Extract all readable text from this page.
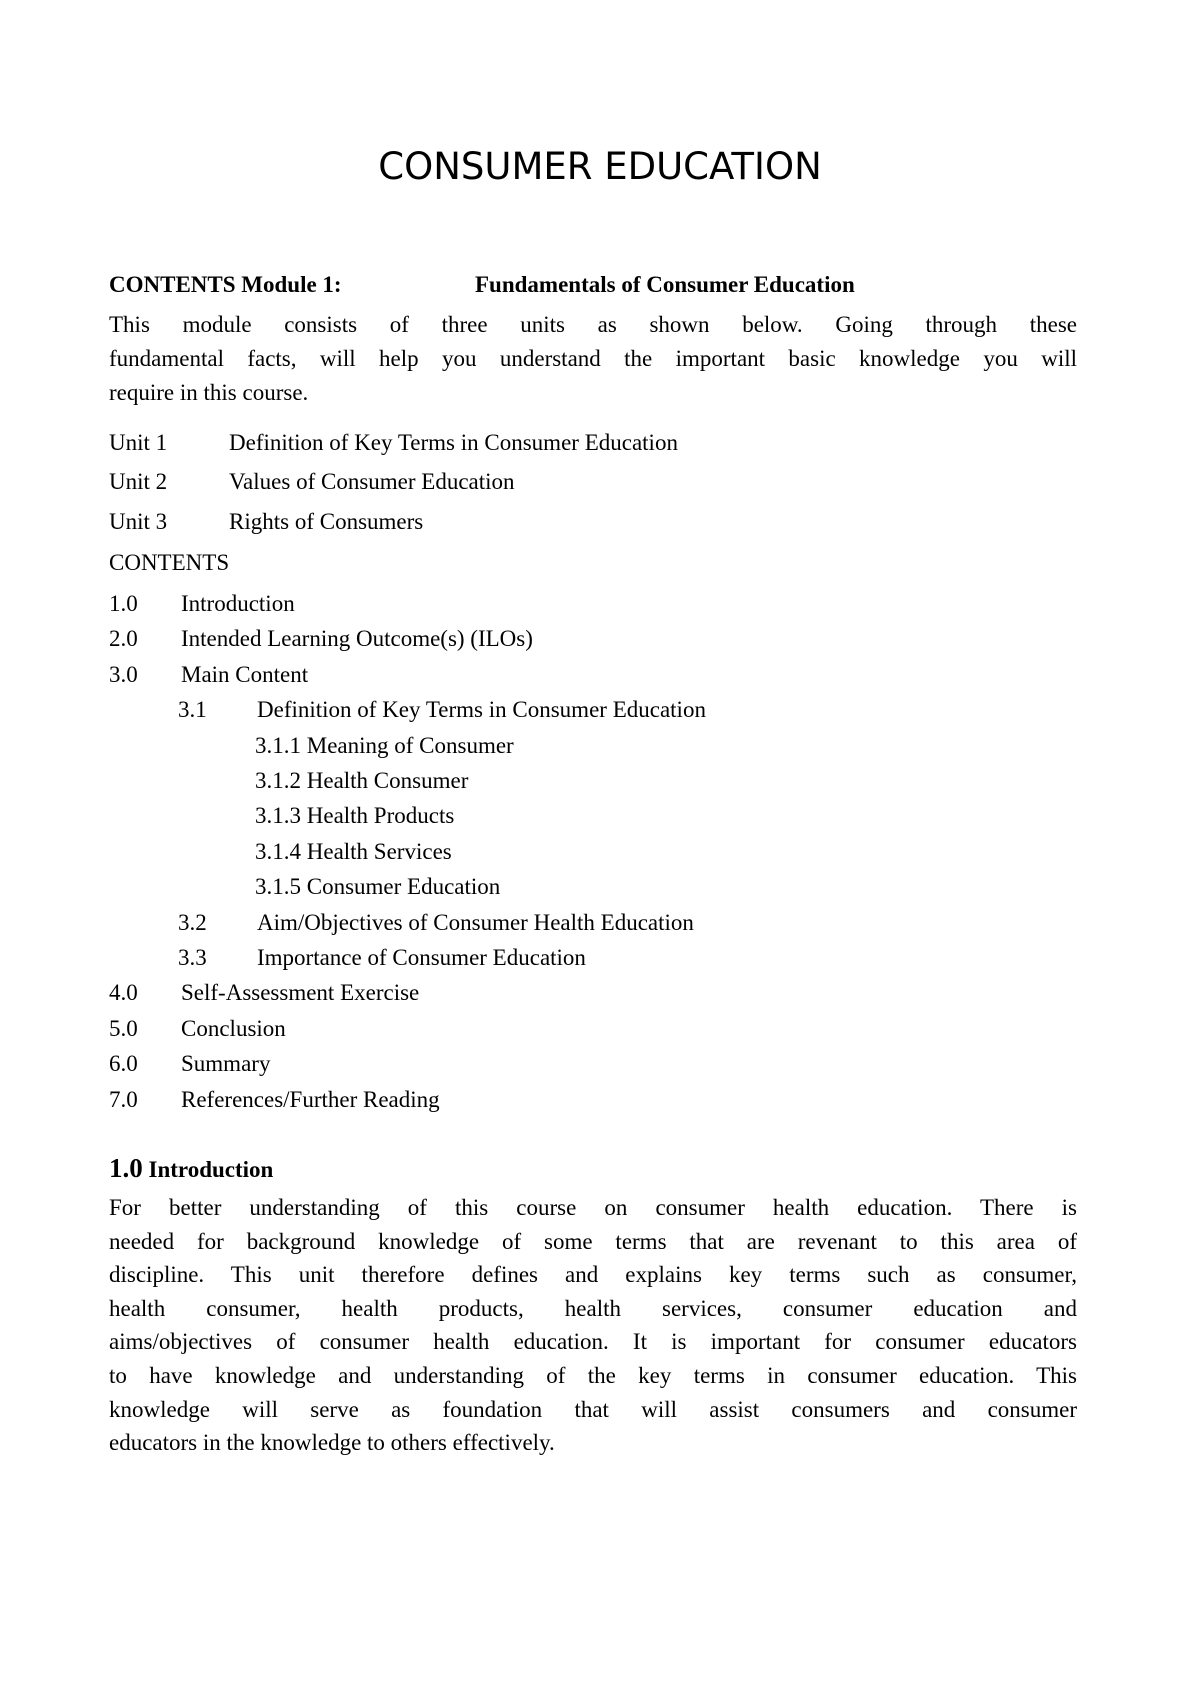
CONSUMER EDUCATION
CONTENTS Module 1:	Fundamentals of Consumer Education
This module consists of three units as shown below. Going through these
fundamental facts, will help you understand the important basic knowledge you will
require in this course.
Unit 1	Definition of Key Terms in Consumer Education
Unit 2	Values of Consumer Education
Unit 3	Rights of Consumers
CONTENTS
1.0 Introduction
2.0 Intended Learning Outcome(s) (ILOs)
3.0 Main Content
3.1 Definition of Key Terms in Consumer Education
3.1.1 Meaning of Consumer
3.1.2 Health Consumer
3.1.3 Health Products
3.1.4 Health Services
3.1.5 Consumer Education
3.2 Aim/Objectives of Consumer Health Education
3.3 Importance of Consumer Education
4.0 Self-Assessment Exercise
5.0 Conclusion
6.0 Summary
7.0 References/Further Reading
1.0 Introduction
For better understanding of this course on consumer health education. There is
needed for background knowledge of some terms that are revenant to this area of
discipline. This unit therefore defines and explains key terms such as consumer,
health consumer, health products, health services, consumer education and
aims/objectives of consumer health education. It is important for consumer educators
to have knowledge and understanding of the key terms in consumer education. This
knowledge will serve as foundation that will assist consumers and consumer
educators in the knowledge to others effectively.
